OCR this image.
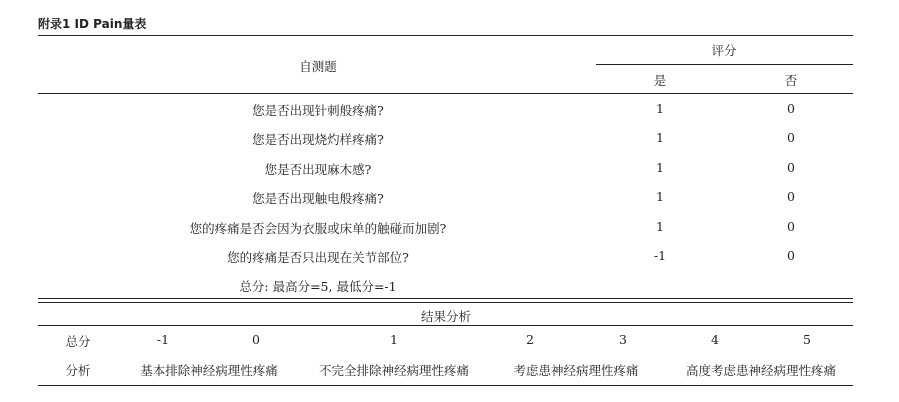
附录1 ID Pain量表
自测题
评分
是	否
您是否出现针刺般疼痛?	1	0
您是否出现烧灼样疼痛?	1	0
您是否出现麻木感?	1	0
您是否出现触电般疼痛?	1	0
您的疼痛是否会因为衣服或床单的触碰而加剧?	1	0
您的疼痛是否只出现在关节部位?	-1	0
总分: 最高分=5, 最低分=-1
结果分析
总分	-1	0	1	2	3	4	5
分析	基本排除神经病理性疼痛	不完全排除神经病理性疼痛	考虑患神经病理性疼痛	高度考虑患神经病理性疼痛
